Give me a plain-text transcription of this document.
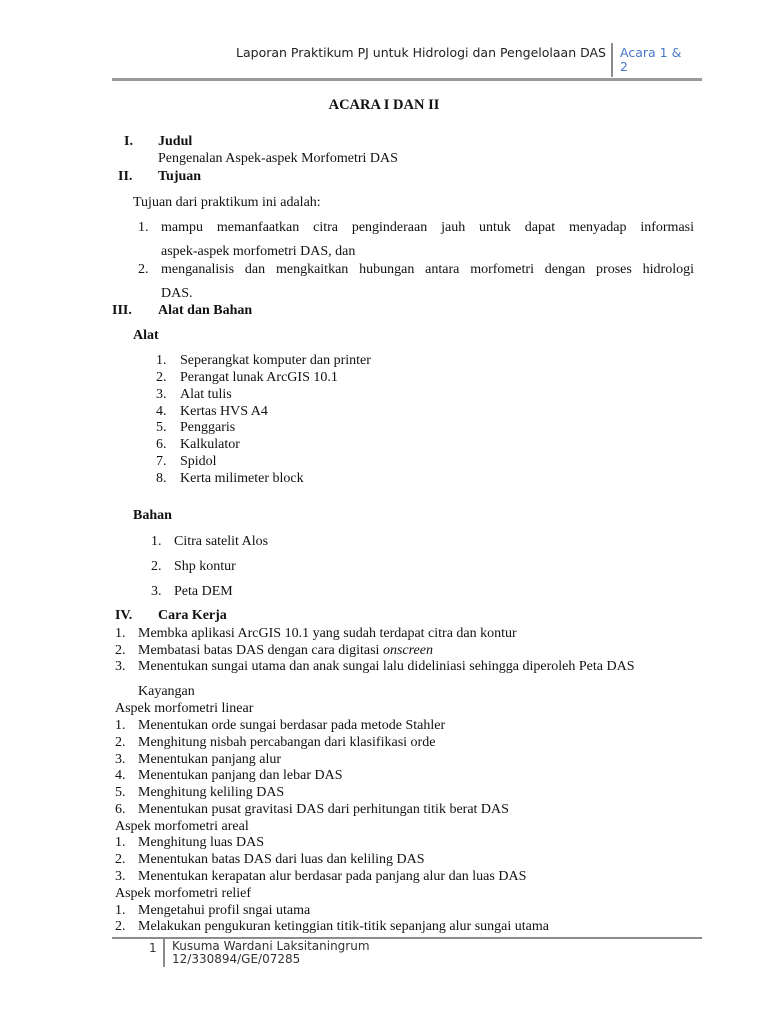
Laporan Praktikum PJ untuk Hidrologi dan Pengelolaan DAS Acara 1 &
2
ACARA I DAN II
I. Judul
Pengenalan Aspek-aspek Morfometri DAS
II. Tujuan
Tujuan dari praktikum ini adalah:
1. mampu memanfaatkan citra penginderaan jauh untuk dapat menyadap informasi
aspek-aspek morfometri DAS, dan
2. menganalisis dan mengkaitkan hubungan antara morfometri dengan proses hidrologi
DAS.
III. Alat dan Bahan
Alat
1. Seperangkat komputer dan printer
2. Perangat lunak ArcGIS 10.1
3. Alat tulis
4. Kertas HVS A4
5. Penggaris
6. Kalkulator
7. Spidol
8. Kerta milimeter block
Bahan
1. Citra satelit Alos
2. Shp kontur
3. Peta DEM
IV. Cara Kerja
1. Membka aplikasi ArcGIS 10.1 yang sudah terdapat citra dan kontur
2. Membatasi batas DAS dengan cara digitasi onscreen
3. Menentukan sungai utama dan anak sungai lalu dideliniasi sehingga diperoleh Peta DAS
Kayangan
Aspek morfometri linear
1. Menentukan orde sungai berdasar pada metode Stahler
2. Menghitung nisbah percabangan dari klasifikasi orde
3. Menentukan panjang alur
4. Menentukan panjang dan lebar DAS
5. Menghitung keliling DAS
6. Menentukan pusat gravitasi DAS dari perhitungan titik berat DAS
Aspek morfometri areal
1. Menghitung luas DAS
2. Menentukan batas DAS dari luas dan keliling DAS
3. Menentukan kerapatan alur berdasar pada panjang alur dan luas DAS
Aspek morfometri relief
1. Mengetahui profil sngai utama
2. Melakukan pengukuran ketinggian titik-titik sepanjang alur sungai utama
1 Kusuma Wardani Laksitaningrum
12/330894/GE/07285
